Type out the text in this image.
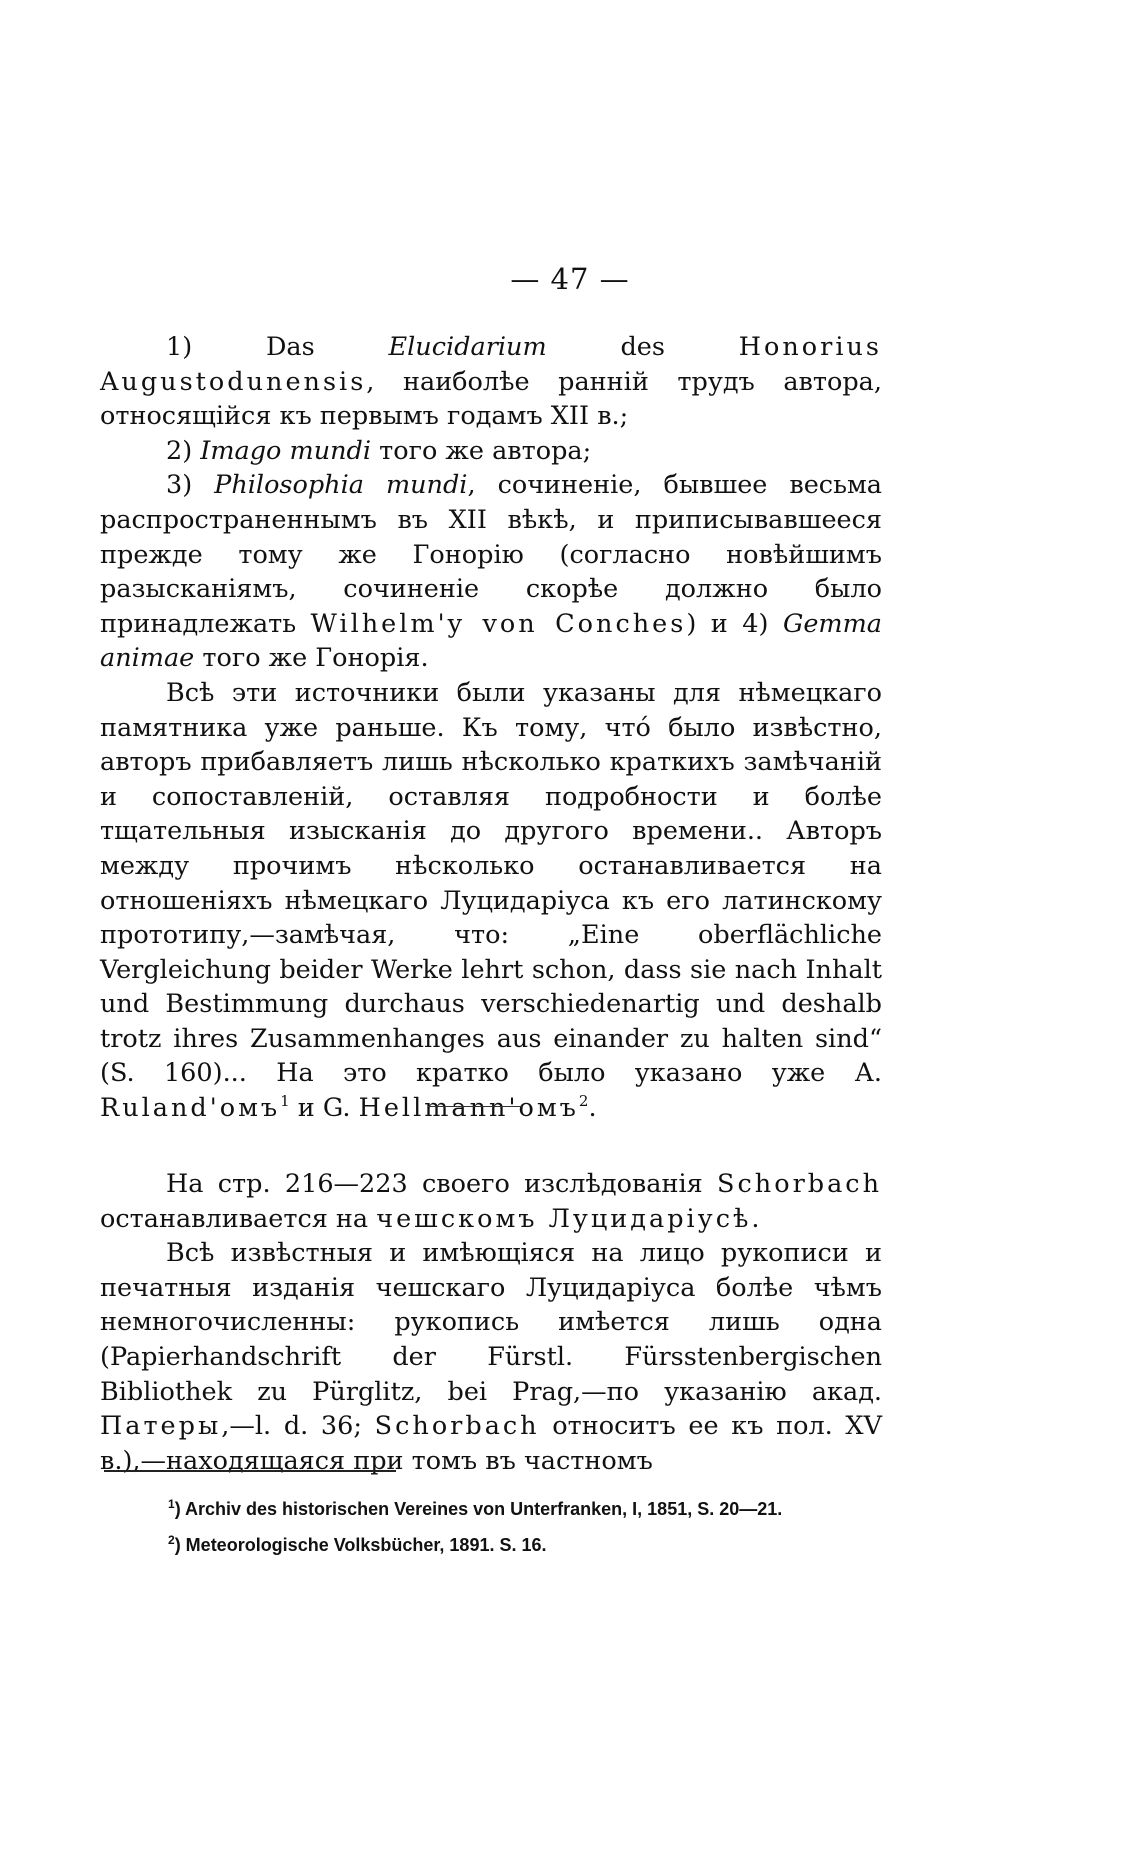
— 47 —

1) Das Elucidarium des Honorius Augustodunensis, наиболѣе ранній трудъ автора, относящійся къ первымъ годамъ XII в.;

2) Imago mundi того же автора;

3) Philosophia mundi, сочиненіе, бывшее весьма распространеннымъ въ XII вѣкѣ, и приписывавшееся прежде тому же Гонорію (согласно новѣйшимъ разысканіямъ, сочиненіе скорѣе должно было принадлежать Wilhelm'y von Conches) и 4) Gemma animae того же Гонорія.

Всѣ эти источники были указаны для нѣмецкаго памятника уже раньше. Къ тому, чтó было извѣстно, авторъ прибавляетъ лишь нѣсколько краткихъ замѣчаній и сопоставленій, оставляя подробности и болѣе тщательныя изысканія до другого времени.. Авторъ между прочимъ нѣсколько останавливается на отношеніяхъ нѣмецкаго Луцидаріуса къ его латинскому прототипу,—замѣчая, что: „Eine oberflächliche Vergleichung beider Werke lehrt schon, dass sie nach Inhalt und Bestimmung durchaus verschiedenartig und deshalb trotz ihres Zusammenhanges aus einander zu halten sind“ (S. 160)... На это кратко было указано уже А. Ruland'омъ$^1$ и G. Hellmann'омъ$^2$.

На стр. 216—223 своего изслѣдованія Schorbach останавливается на чешскомъ Луцидаріусѣ.

Всѣ извѣстныя и имѣющіяся на лицо рукописи и печатныя изданія чешскаго Луцидаріуса болѣе чѣмъ немногочисленны: рукопись имѣется лишь одна (Papierhandschrift der Fürstl. Fürsstenbergischen Bibliothek zu Pürglitz, bei Prag,—по указанію акад. Патеры,—l. d. 36; Schorbach относитъ ее къ пол. XV в.),—находящаяся при томъ въ частномъ

$^1$) Archiv des historischen Vereines von Unterfranken, I, 1851, S. 20—21.
$^2$) Meteorologische Volksbücher, 1891. S. 16.
